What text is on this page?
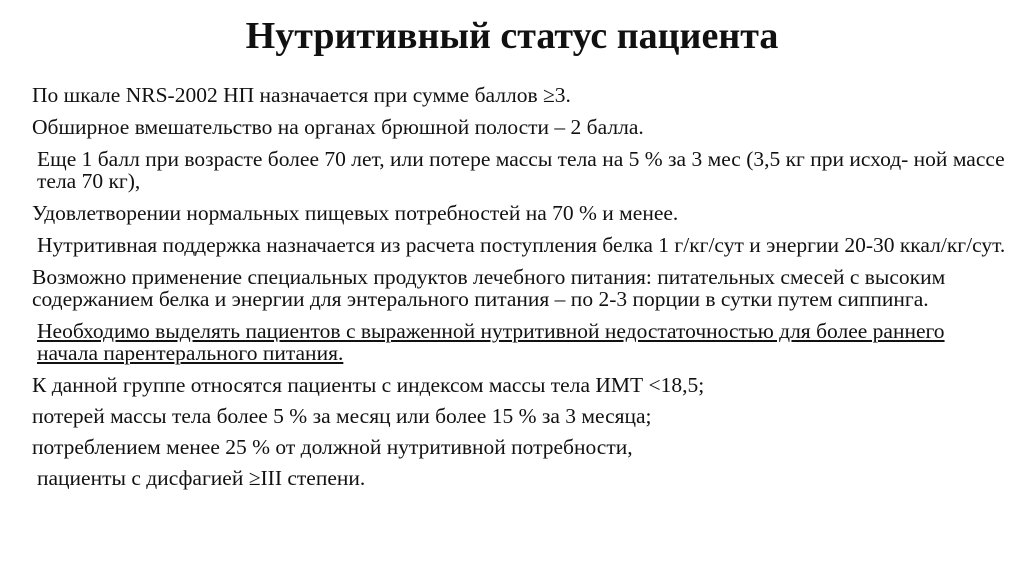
Нутритивный статус пациента

По шкале NRS-2002 НП назначается при сумме баллов ≥3.

Обширное вмешательство на органах брюшной полости – 2 балла.

Еще 1 балл при возрасте более 70 лет, или потере массы тела на 5 % за 3 мес (3,5 кг при исход- ной массе тела 70 кг),

Удовлетворении нормальных пищевых потребностей на 70 % и менее.

Нутритивная поддержка назначается из расчета поступления белка 1 г/кг/сут и энергии 20-30 ккал/кг/сут.

Возможно применение специальных продуктов лечебного питания: питательных смесей с высоким содержанием белка и энергии для энтерального питания – по 2-3 порции в сутки путем сиппинга.

Необходимо выделять пациентов с выраженной нутритивной недостаточностью для более раннего начала парентерального питания.

К данной группе относятся пациенты с индексом массы тела ИМТ <18,5;

потерей массы тела более 5 % за месяц или более 15 % за 3 месяца;

потреблением менее 25 % от должной нутритивной потребности,

пациенты с дисфагией ≥III степени.
